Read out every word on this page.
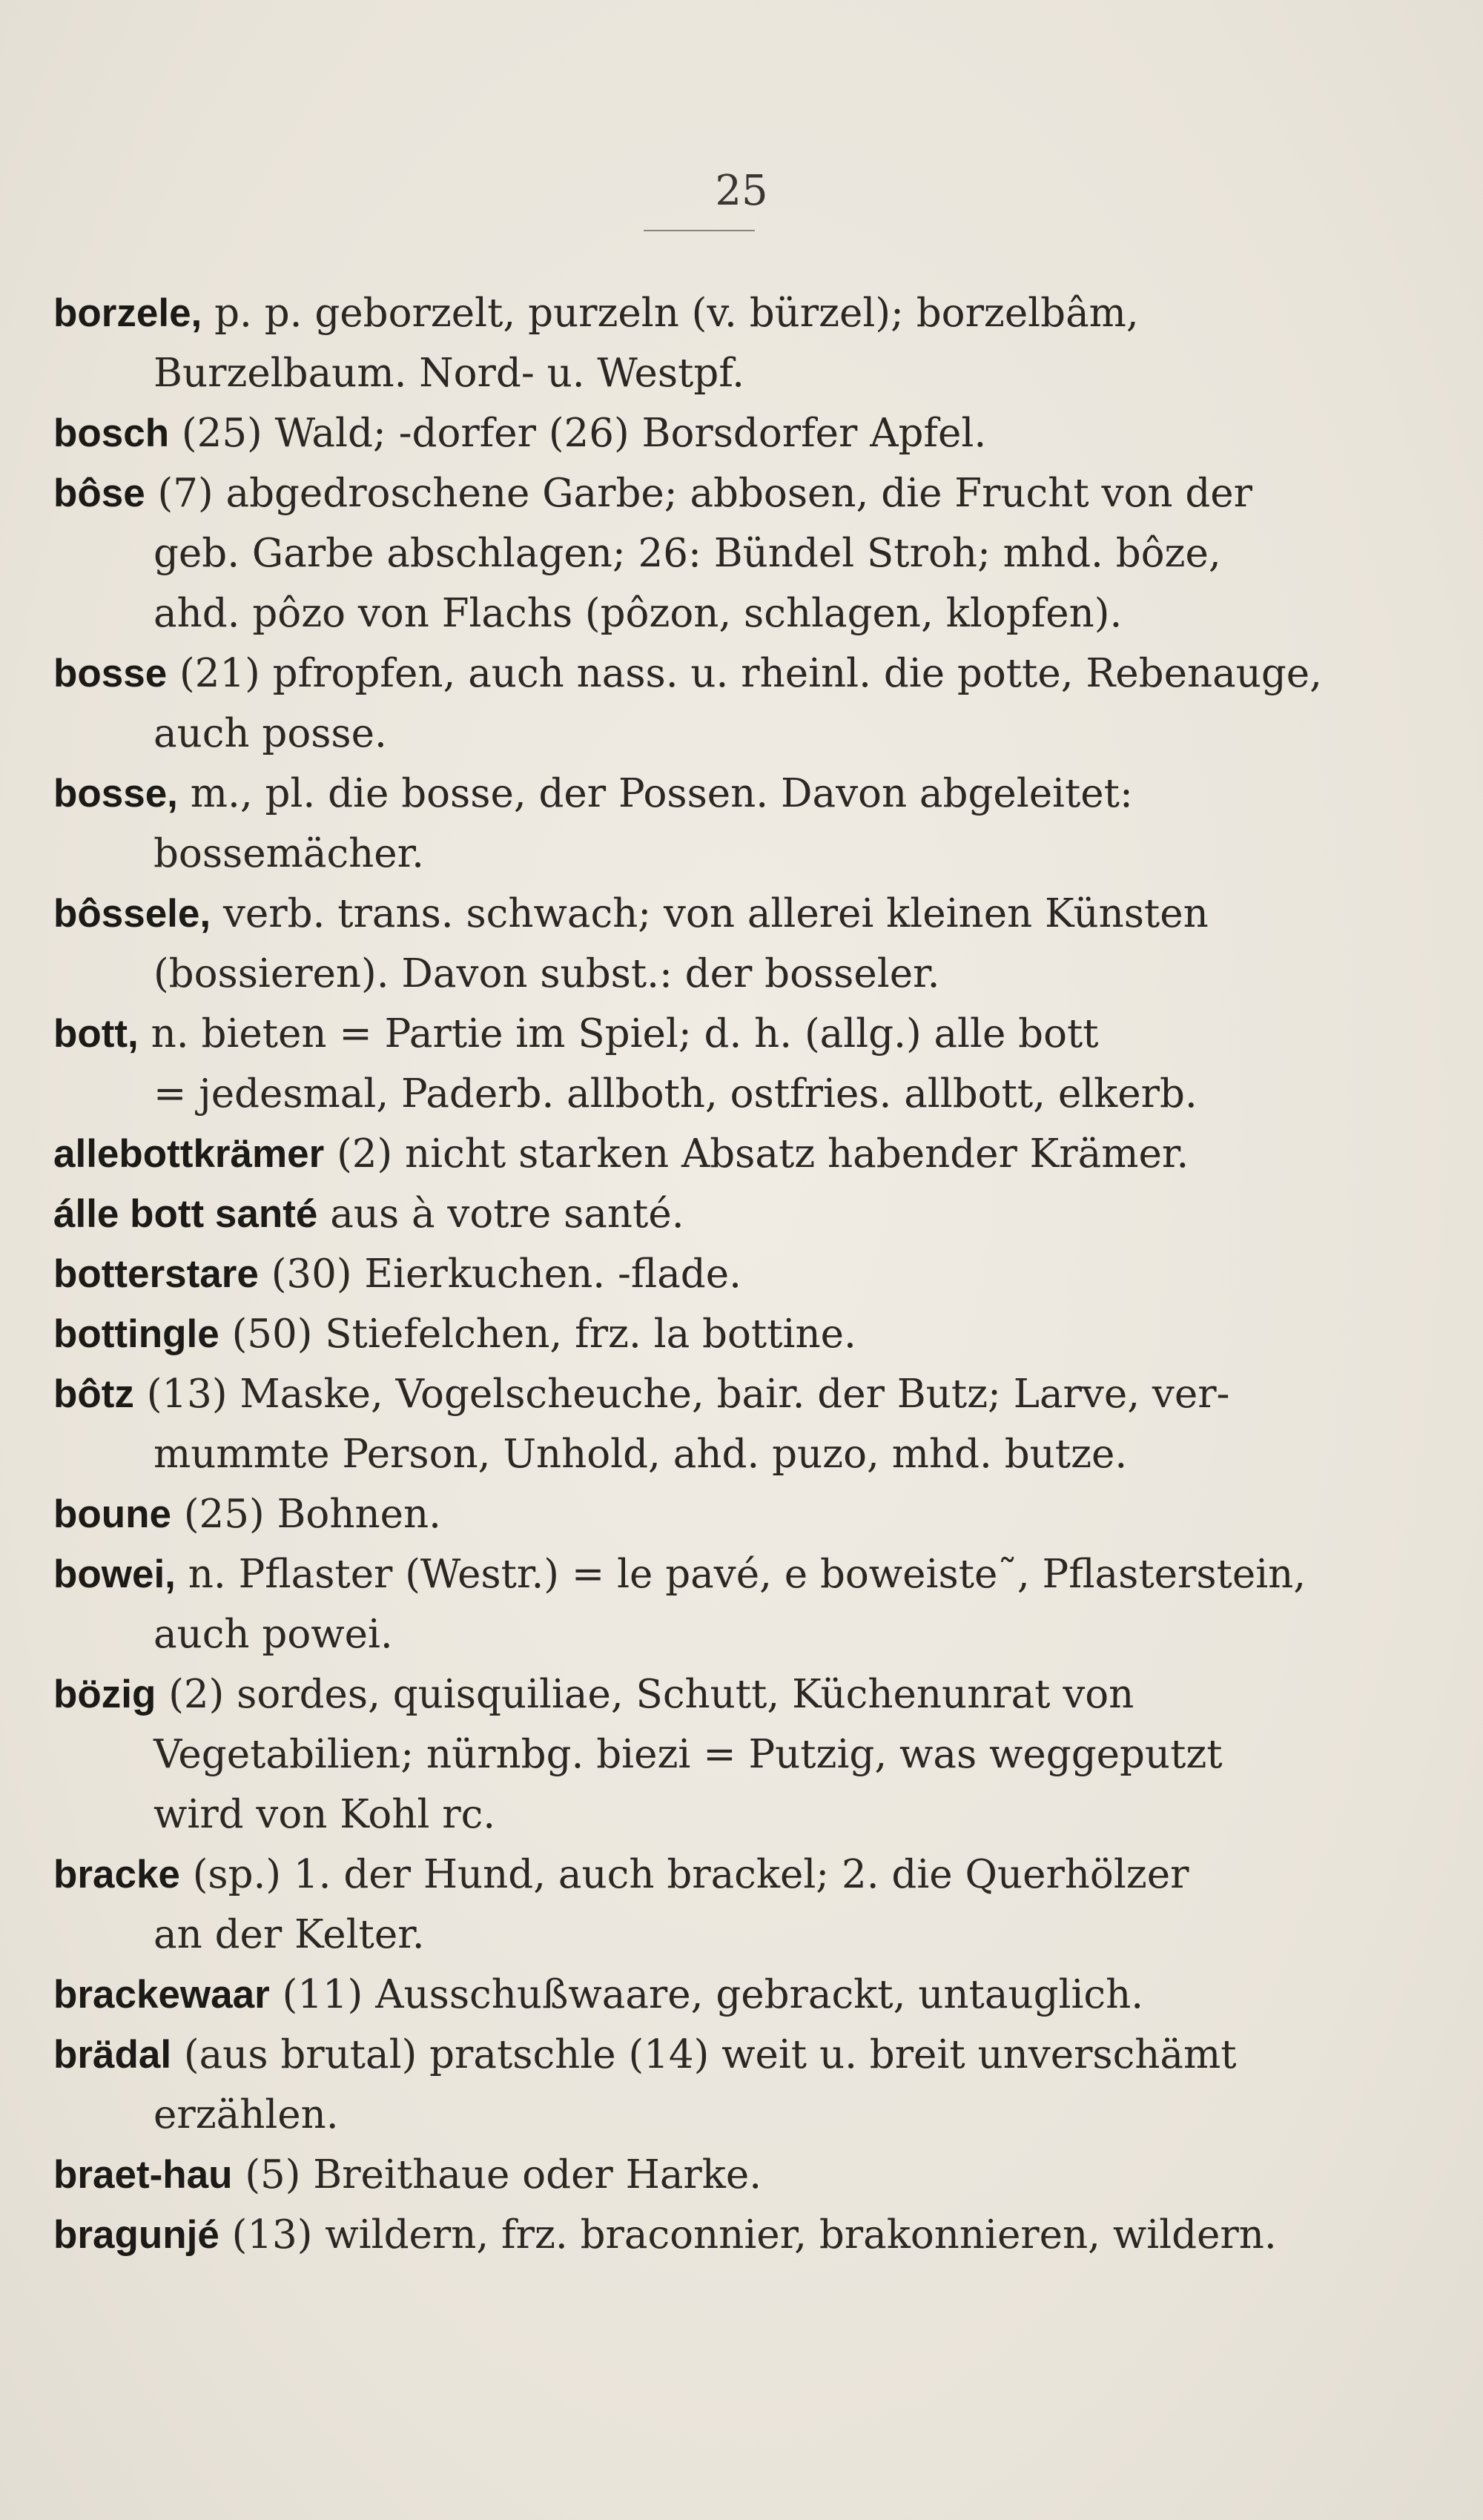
25
borzele, p. p. geborzelt, purzeln (v. bürzel); borzelbâm,
Burzelbaum. Nord- u. Westpf.
bosch (25) Wald; -dorfer (26) Borsdorfer Apfel.
bôse (7) abgedroschene Garbe; abbosen, die Frucht von der
geb. Garbe abschlagen; 26: Bündel Stroh; mhd. bôze,
ahd. pôzo von Flachs (pôzon, schlagen, klopfen).
bosse (21) pfropfen, auch nass. u. rheinl. die potte, Rebenauge,
auch posse.
bosse, m., pl. die bosse, der Possen. Davon abgeleitet:
bossemächer.
bôssele, verb. trans. schwach; von allerei kleinen Künsten
(bossieren). Davon subst.: der bosseler.
bott, n. bieten = Partie im Spiel; d. h. (allg.) alle bott
= jedesmal, Paderb. allboth, ostfries. allbott, elkerb.
allebottkrämer (2) nicht starken Absatz habender Krämer.
álle bott santé aus à votre santé.
botterstare (30) Eierkuchen. -flade.
bottingle (50) Stiefelchen, frz. la bottine.
bôtz (13) Maske, Vogelscheuche, bair. der Butz; Larve, ver-
mummte Person, Unhold, ahd. puzo, mhd. butze.
boune (25) Bohnen.
bowei, n. Pflaster (Westr.) = le pavé, e boweiste˜, Pflasterstein,
auch powei.
bözig (2) sordes, quisquiliae, Schutt, Küchenunrat von
Vegetabilien; nürnbg. biezi = Putzig, was weggeputzt
wird von Kohl rc.
bracke (sp.) 1. der Hund, auch brackel; 2. die Querhölzer
an der Kelter.
brackewaar (11) Ausschußwaare, gebrackt, untauglich.
brädal (aus brutal) pratschle (14) weit u. breit unverschämt
erzählen.
braet-hau (5) Breithaue oder Harke.
bragunjé (13) wildern, frz. braconnier, brakonnieren, wildern.
